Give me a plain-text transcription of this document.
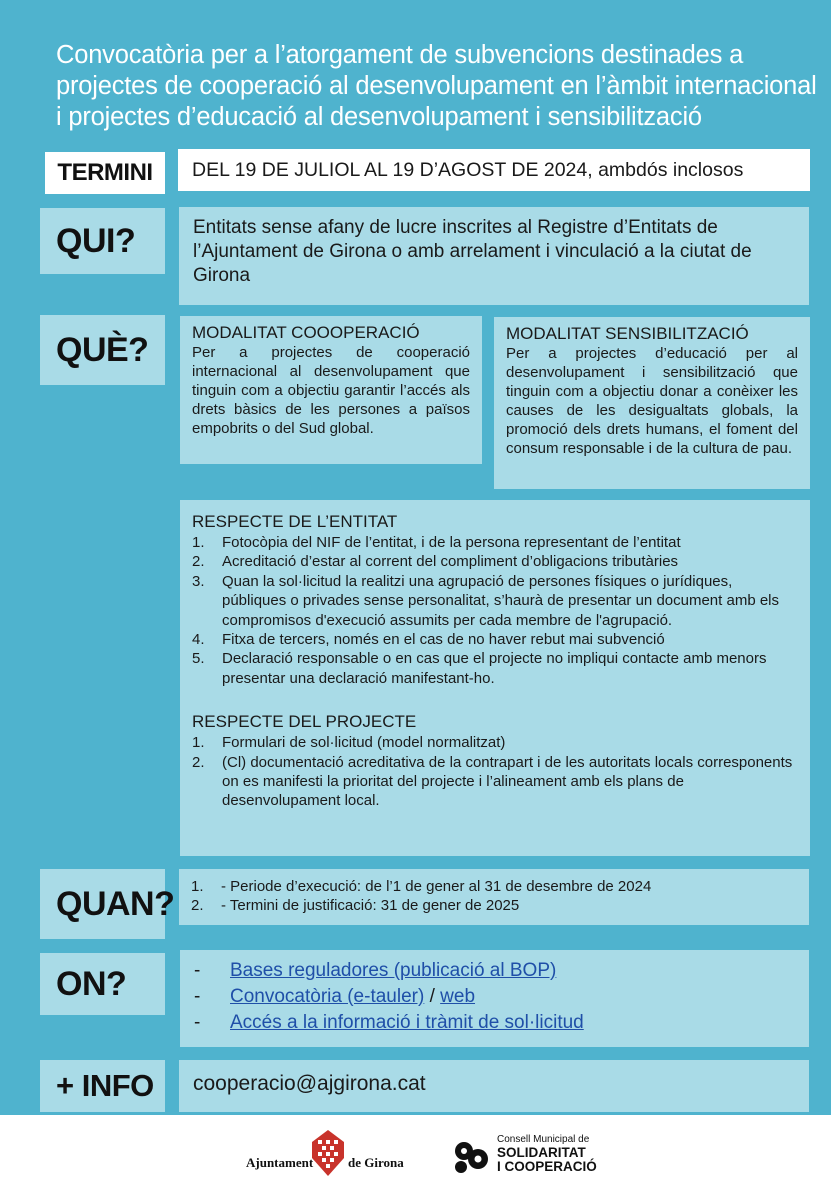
Convocatòria per a l’atorgament de subvencions destinades a
projectes de cooperació al desenvolupament en l’àmbit internacional
i projectes d’educació al desenvolupament i sensibilització
TERMINI	DEL 19 DE JULIOL AL 19 D’AGOST DE 2024, ambdós inclosos
QUI?	Entitats sense afany de lucre inscrites al Registre d’Entitats de l’Ajuntament de Girona o amb arrelament i vinculació a la ciutat de Girona
QUÈ?	MODALITAT COOOPERACIÓ
Per a projectes de cooperació internacional al desenvolupament que tinguin com a objectiu garantir l’accés als drets bàsics de les persones a països empobrits o del Sud global.
MODALITAT SENSIBILITZACIÓ
Per a projectes d’educació per al desenvolupament i sensibilització que tinguin com a objectiu donar a conèixer les causes de les desigualtats globals, la promoció dels drets humans, el foment del consum responsable i de la cultura de pau.
RESPECTE DE L’ENTITAT
1.	Fotocòpia del NIF de l’entitat, i de la persona representant de l’entitat
2.	Acreditació d’estar al corrent del compliment d’obligacions tributàries
3.	Quan la sol·licitud la realitzi una agrupació de persones físiques o jurídiques, públiques o privades sense personalitat, s’haurà de presentar un document amb els compromisos d'execució assumits per cada membre de l'agrupació.
4.	Fitxa de tercers, només en el cas de no haver rebut mai subvenció
5.	Declaració responsable o en cas que el projecte no impliqui contacte amb menors presentar una declaració manifestant-ho.
RESPECTE DEL PROJECTE
1.	Formulari de sol·licitud (model normalitzat)
2.	(Cl) documentació acreditativa de la contrapart i de les autoritats locals corresponents on es manifesti la prioritat del projecte i l’alineament amb els plans de desenvolupament local.
QUAN? 1.	- Periode d’execució: de l’1 de gener al 31 de desembre de 2024
2.	- Termini de justificació: 31 de gener de 2025
ON?	-	Bases reguladores (publicació al BOP)
-	Convocatòria (e-tauler) / web
-	Accés a la informació i tràmit de sol·licitud
+ INFO	cooperacio@ajgirona.cat
Ajuntament	de Girona
Consell Municipal de
SOLIDARITAT
I COOPERACIÓ
